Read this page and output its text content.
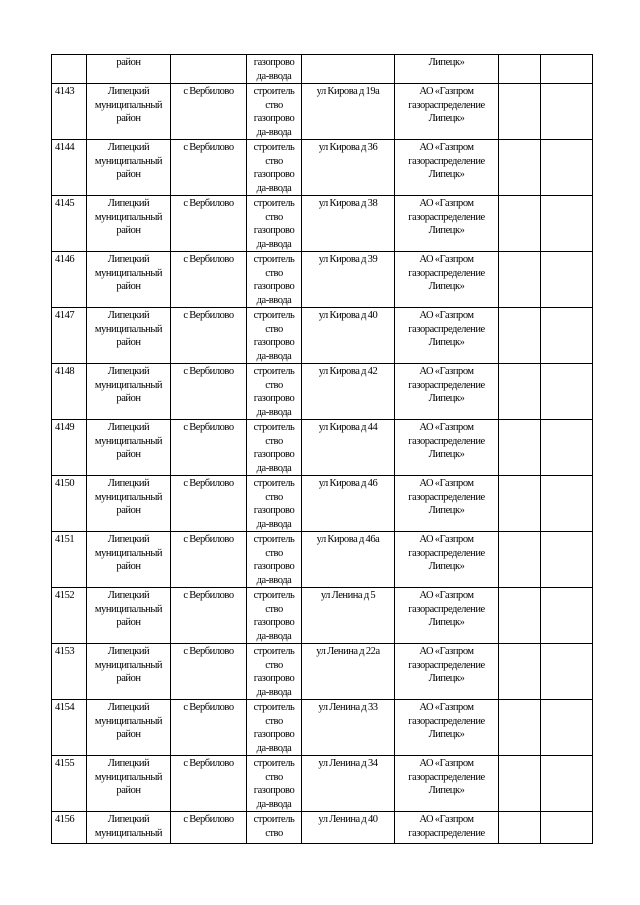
	район		газопрово
да-ввода		Липецк»		

4143	Липецкий
муниципальный
район	с Вербилово	строитель
ство
газопрово
да-ввода	ул Кирова д 19а	АО «Газпром
газораспределение
Липецк»		

4144	Липецкий
муниципальный
район	с Вербилово	строитель
ство
газопрово
да-ввода	ул Кирова д 36	АО «Газпром
газораспределение
Липецк»		

4145	Липецкий
муниципальный
район	с Вербилово	строитель
ство
газопрово
да-ввода	ул Кирова д 38	АО «Газпром
газораспределение
Липецк»		

4146	Липецкий
муниципальный
район	с Вербилово	строитель
ство
газопрово
да-ввода	ул Кирова д 39	АО «Газпром
газораспределение
Липецк»		

4147	Липецкий
муниципальный
район	с Вербилово	строитель
ство
газопрово
да-ввода	ул Кирова д 40	АО «Газпром
газораспределение
Липецк»		

4148	Липецкий
муниципальный
район	с Вербилово	строитель
ство
газопрово
да-ввода	ул Кирова д 42	АО «Газпром
газораспределение
Липецк»		

4149	Липецкий
муниципальный
район	с Вербилово	строитель
ство
газопрово
да-ввода	ул Кирова д 44	АО «Газпром
газораспределение
Липецк»		

4150	Липецкий
муниципальный
район	с Вербилово	строитель
ство
газопрово
да-ввода	ул Кирова д 46	АО «Газпром
газораспределение
Липецк»		

4151	Липецкий
муниципальный
район	с Вербилово	строитель
ство
газопрово
да-ввода	ул Кирова д 46а	АО «Газпром
газораспределение
Липецк»		

4152	Липецкий
муниципальный
район	с Вербилово	строитель
ство
газопрово
да-ввода	ул Ленина д 5	АО «Газпром
газораспределение
Липецк»		

4153	Липецкий
муниципальный
район	с Вербилово	строитель
ство
газопрово
да-ввода	ул Ленина д 22а	АО «Газпром
газораспределение
Липецк»		

4154	Липецкий
муниципальный
район	с Вербилово	строитель
ство
газопрово
да-ввода	ул Ленина д 33	АО «Газпром
газораспределение
Липецк»		

4155	Липецкий
муниципальный
район	с Вербилово	строитель
ство
газопрово
да-ввода	ул Ленина д 34	АО «Газпром
газораспределение
Липецк»		

4156	Липецкий
муниципальный	с Вербилово	строитель
ство	ул Ленина д 40	АО «Газпром
газораспределение		
